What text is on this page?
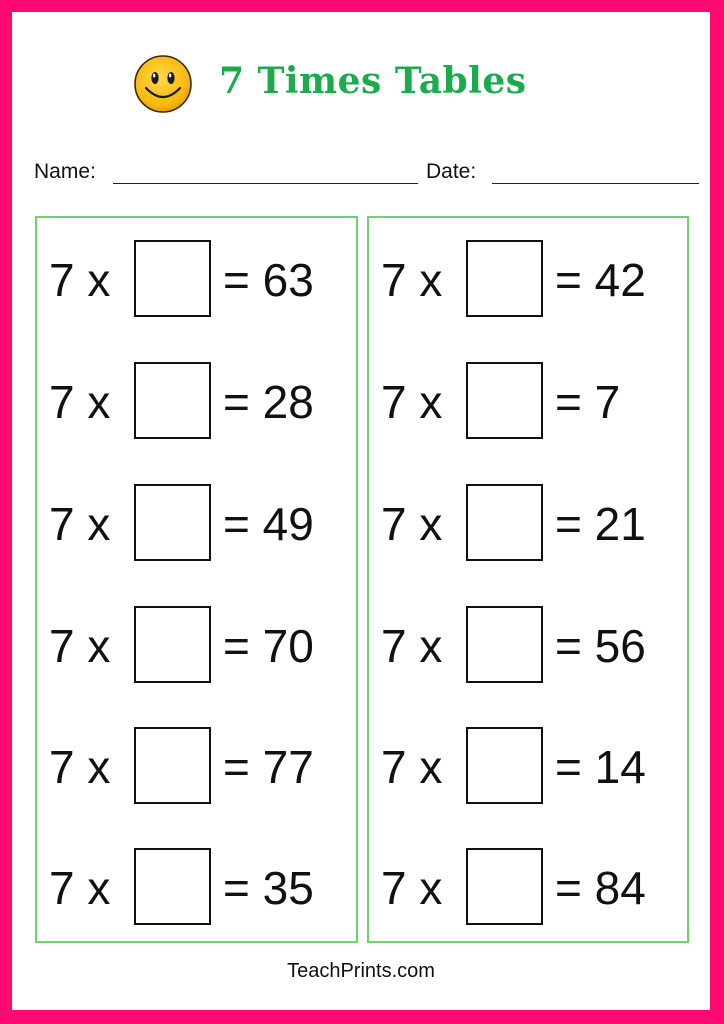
7 Times Tables
Name:	Date:
7 x = 63
7 x = 28
7 x = 49
7 x = 70
7 x = 77
7 x = 35
7 x = 42
7 x = 7
7 x = 21
7 x = 56
7 x = 14
7 x = 84
TeachPrints.com
